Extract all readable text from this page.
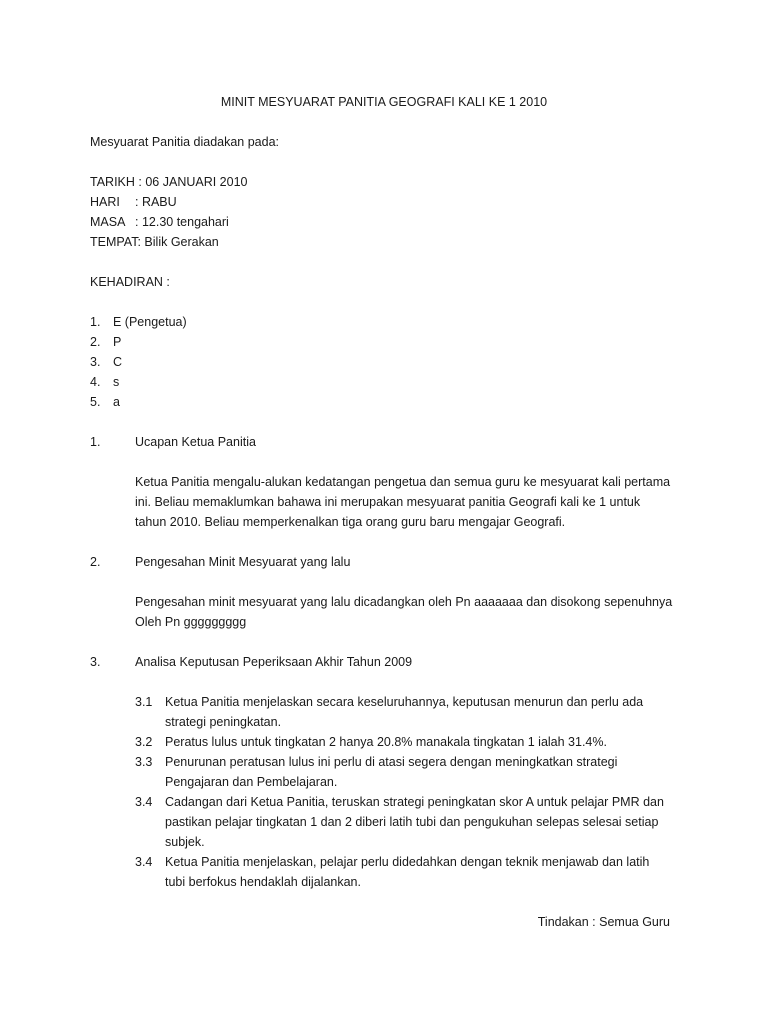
MINIT MESYUARAT PANITIA GEOGRAFI KALI KE 1 2010
Mesyuarat Panitia diadakan pada:
TARIKH
: 06 JANUARI 2010
HARI	: RABU
MASA : 12.30 tengahari
TEMPAT:
Bilik Gerakan
KEHADIRAN :
1.	E (Pengetua)
2.	P
3.	C
4.	s
5.	a
1.	Ucapan Ketua Panitia
Ketua Panitia mengalu-alukan kedatangan pengetua dan semua guru ke mesyuarat kali pertama
ini. Beliau memaklumkan bahawa ini merupakan mesyuarat panitia Geografi kali ke 1 untuk
tahun 2010. Beliau memperkenalkan tiga orang guru baru mengajar Geografi.
2.	Pengesahan Minit Mesyuarat yang lalu
Pengesahan minit mesyuarat yang lalu dicadangkan oleh Pn aaaaaaa dan disokong sepenuhnya
Oleh Pn ggggggggg
3.	Analisa Keputusan Peperiksaan Akhir Tahun 2009
3.1	Ketua Panitia menjelaskan secara keseluruhannya, keputusan menurun dan perlu ada
strategi peningkatan.
3.2	Peratus lulus untuk tingkatan 2 hanya 20.8% manakala tingkatan 1 ialah 31.4%.
3.3	Penurunan peratusan lulus ini perlu di atasi segera dengan meningkatkan strategi
Pengajaran dan Pembelajaran.
3.4	Cadangan dari Ketua Panitia, teruskan strategi peningkatan skor A untuk pelajar PMR dan
pastikan pelajar tingkatan 1 dan 2 diberi latih tubi dan pengukuhan selepas selesai setiap
subjek.
3.4	Ketua Panitia menjelaskan, pelajar perlu didedahkan dengan teknik menjawab dan latih
tubi berfokus hendaklah dijalankan.
Tindakan : Semua Guru
